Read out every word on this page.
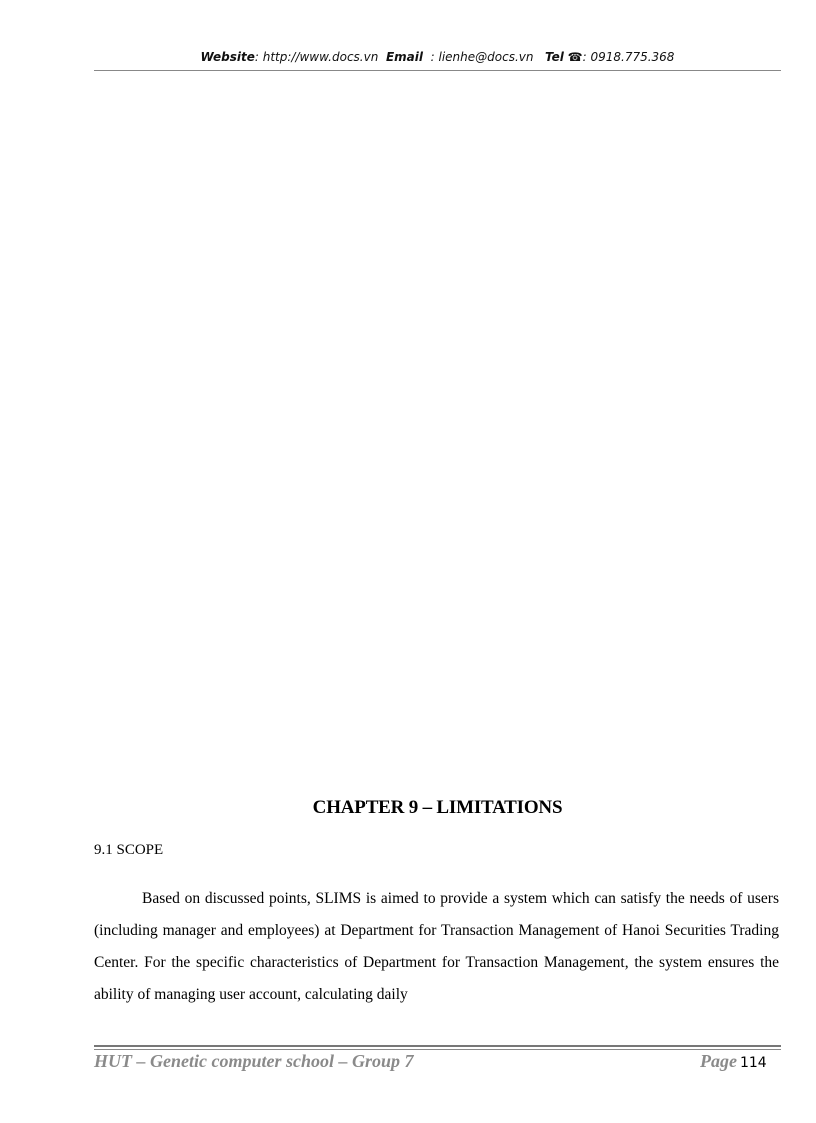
Website: http://www.docs.vn Email : lienhe@docs.vn Tel ☎: 0918.775.368
CHAPTER 9 – LIMITATIONS
9.1 SCOPE

Based on discussed points, SLIMS is aimed to provide a system which can satisfy the needs of users (including manager and employees) at Department for Transaction Management of Hanoi Securities Trading Center. For the specific characteristics of Department for Transaction Management, the system ensures the ability of managing user account, calculating daily

HUT – Genetic computer school – Group 7	Page 114
